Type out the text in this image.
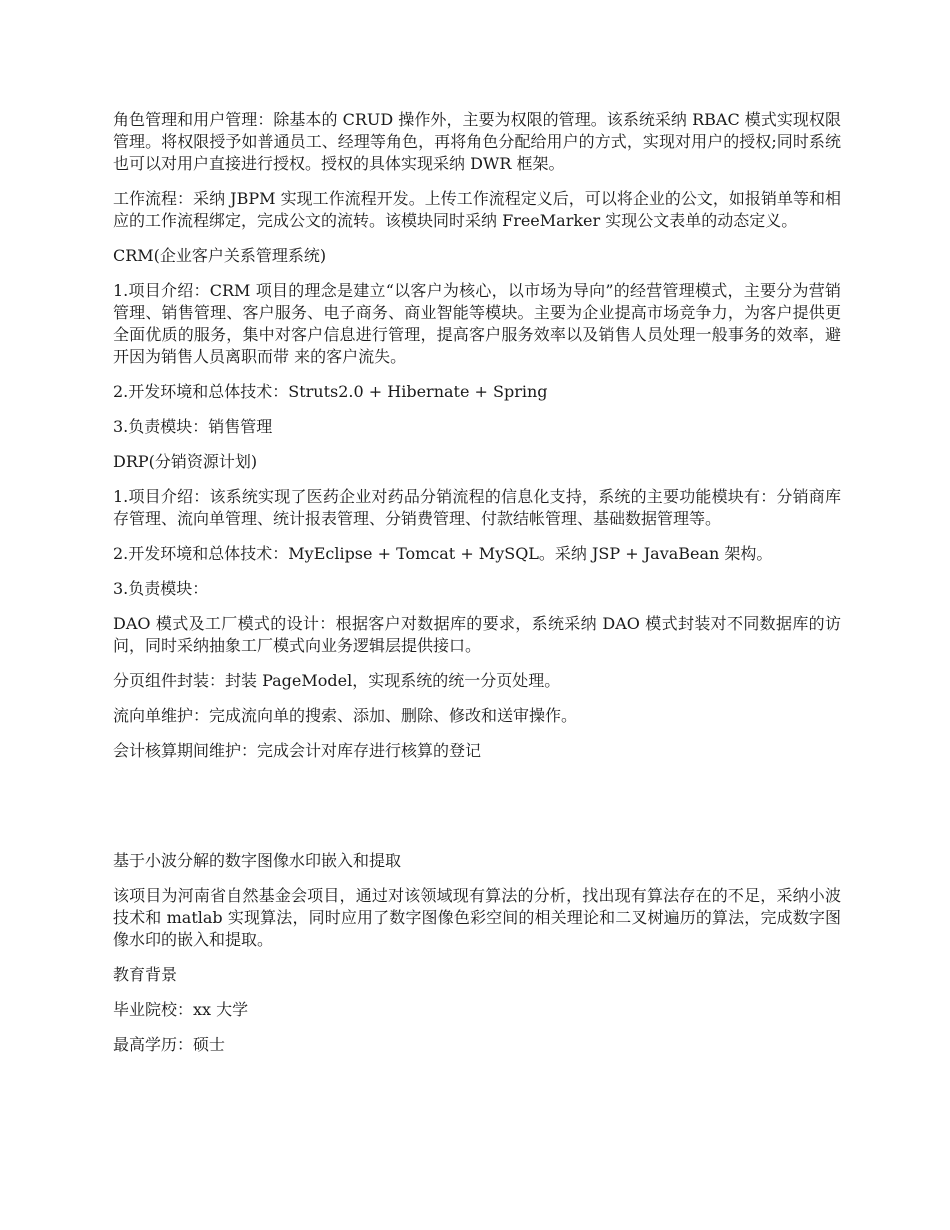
角色管理和用户管理：除基本的 CRUD 操作外，主要为权限的管理。该系统采纳 RBAC 模式实现权限管理。将权限授予如普通员工、经理等角色，再将角色分配给用户的方式，实现对用户的授权;同时系统也可以对用户直接进行授权。授权的具体实现采纳 DWR 框架。

工作流程：采纳 JBPM 实现工作流程开发。上传工作流程定义后，可以将企业的公文，如报销单等和相应的工作流程绑定，完成公文的流转。该模块同时采纳 FreeMarker 实现公文表单的动态定义。

CRM(企业客户关系管理系统)

1.项目介绍：CRM 项目的理念是建立“以客户为核心，以市场为导向”的经营管理模式，主要分为营销管理、销售管理、客户服务、电子商务、商业智能等模块。主要为企业提高市场竞争力，为客户提供更全面优质的服务，集中对客户信息进行管理，提高客户服务效率以及销售人员处理一般事务的效率，避开因为销售人员离职而带 来的客户流失。

2.开发环境和总体技术：Struts2.0 + Hibernate + Spring

3.负责模块：销售管理

DRP(分销资源计划)

1.项目介绍：该系统实现了医药企业对药品分销流程的信息化支持，系统的主要功能模块有：分销商库存管理、流向单管理、统计报表管理、分销费管理、付款结帐管理、基础数据管理等。

2.开发环境和总体技术：MyEclipse + Tomcat + MySQL。采纳 JSP + JavaBean 架构。

3.负责模块：

DAO 模式及工厂模式的设计：根据客户对数据库的要求，系统采纳 DAO 模式封装对不同数据库的访问，同时采纳抽象工厂模式向业务逻辑层提供接口。

分页组件封装：封装 PageModel，实现系统的统一分页处理。

流向单维护：完成流向单的搜索、添加、删除、修改和送审操作。

会计核算期间维护：完成会计对库存进行核算的登记

基于小波分解的数字图像水印嵌入和提取

该项目为河南省自然基金会项目，通过对该领域现有算法的分析，找出现有算法存在的不足，采纳小波技术和 matlab 实现算法，同时应用了数字图像色彩空间的相关理论和二叉树遍历的算法，完成数字图像水印的嵌入和提取。

教育背景

毕业院校：xx 大学

最高学历：硕士
